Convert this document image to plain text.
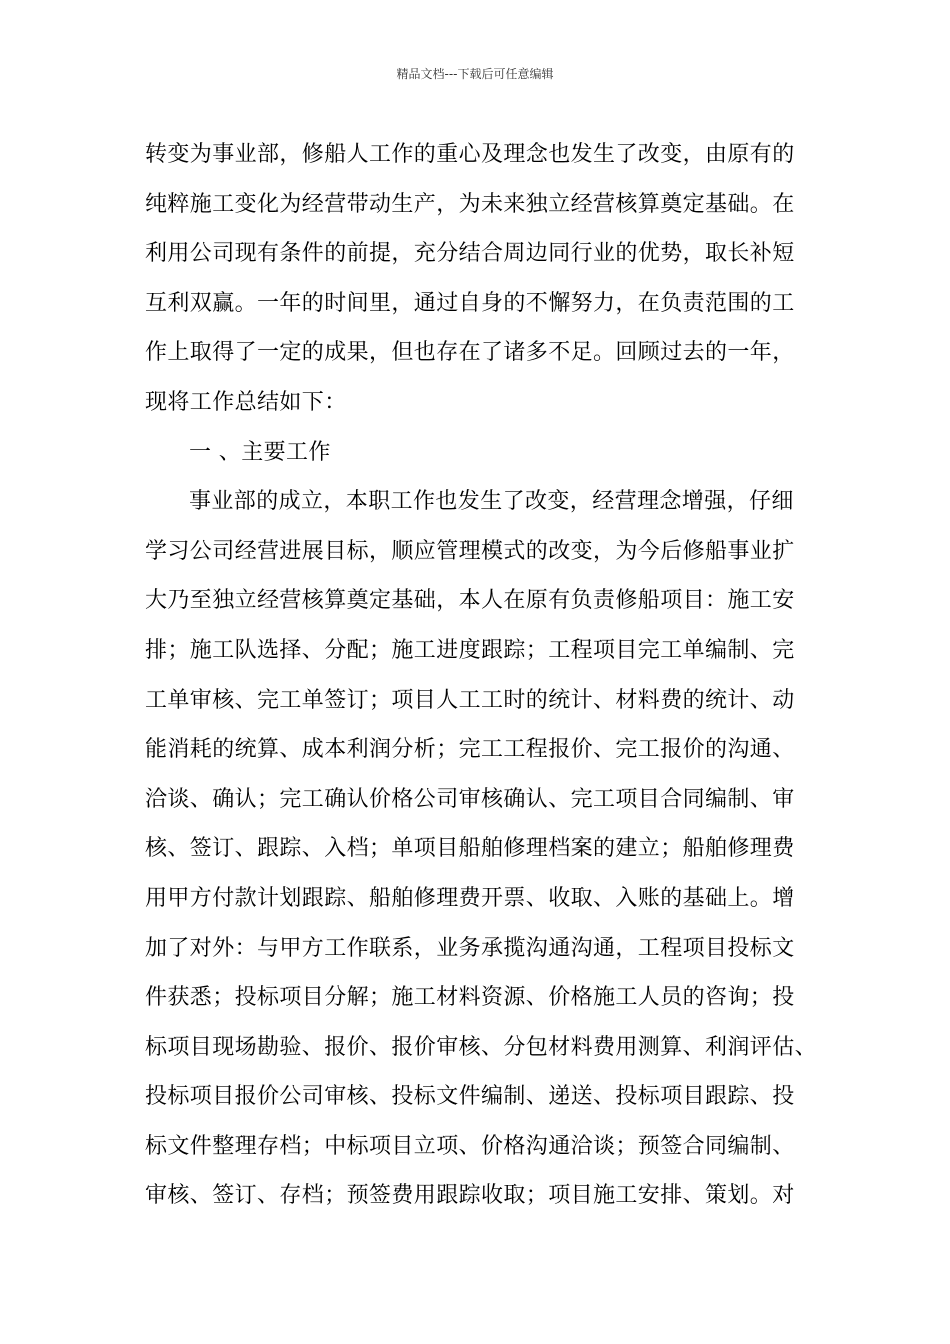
精品文档---下载后可任意编辑
转变为事业部，修船人工作的重心及理念也发生了改变，由原有的
纯粹施工变化为经营带动生产，为未来独立经营核算奠定基础。在
利用公司现有条件的前提，充分结合周边同行业的优势，取长补短
互利双赢。一年的时间里，通过自身的不懈努力，在负责范围的工
作上取得了一定的成果，但也存在了诸多不足。回顾过去的一年，
现将工作总结如下：
一 、主要工作
事业部的成立，本职工作也发生了改变，经营理念增强，仔细
学习公司经营进展目标，顺应管理模式的改变，为今后修船事业扩
大乃至独立经营核算奠定基础，本人在原有负责修船项目：施工安
排；施工队选择、分配；施工进度跟踪；工程项目完工单编制、完
工单审核、完工单签订；项目人工工时的统计、材料费的统计、动
能消耗的统算、成本利润分析；完工工程报价、完工报价的沟通、
洽谈、确认；完工确认价格公司审核确认、完工项目合同编制、审
核、签订、跟踪、入档；单项目船舶修理档案的建立；船舶修理费
用甲方付款计划跟踪、船舶修理费开票、收取、入账的基础上。增
加了对外：与甲方工作联系，业务承揽沟通沟通，工程项目投标文
件获悉；投标项目分解；施工材料资源、价格施工人员的咨询；投
标项目现场勘验、报价、报价审核、分包材料费用测算、利润评估、
投标项目报价公司审核、投标文件编制、递送、投标项目跟踪、投
标文件整理存档；中标项目立项、价格沟通洽谈；预签合同编制、
审核、签订、存档；预签费用跟踪收取；项目施工安排、策划。对
